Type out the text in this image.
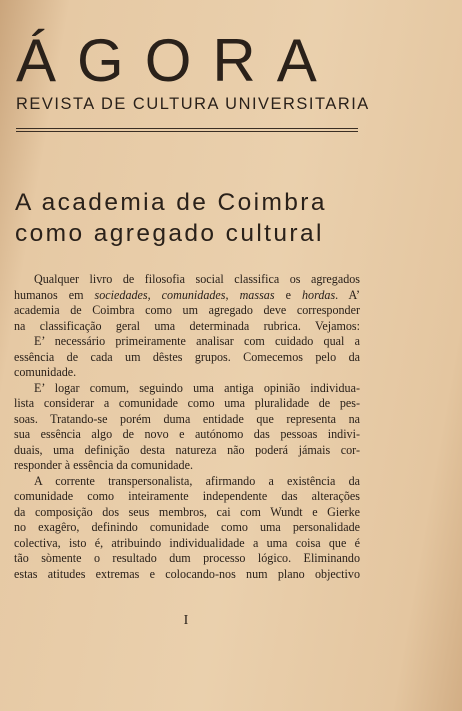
ÁGORA
REVISTA DE CULTURA UNIVERSITARIA
A academia de Coimbra
como agregado cultural
Qualquer livro de filosofia social classifica os agregados
humanos em sociedades, comunidades, massas e hordas. A’
academia de Coimbra como um agregado deve corresponder
na classificação geral uma determinada rubrica. Vejamos:
E’ necessário primeiramente analisar com cuidado qual a
essência de cada um dêstes grupos. Comecemos pelo da
comunidade.
E’ logar comum, seguindo uma antiga opinião individua-
lista considerar a comunidade como uma pluralidade de pes-
soas. Tratando-se porém duma entidade que representa na
sua essência algo de novo e autónomo das pessoas indivi-
duais, uma definição desta natureza não poderá jámais cor-
responder à essência da comunidade.
A corrente transpersonalista, afirmando a existência da
comunidade como inteiramente independente das alterações
da composição dos seus membros, cai com Wundt e Gierke
no exagêro, definindo comunidade como uma personalidade
colectiva, isto é, atribuindo individualidade a uma coisa que é
tão sòmente o resultado dum processo lógico. Eliminando
estas atitudes extremas e colocando-nos num plano objectivo
I
